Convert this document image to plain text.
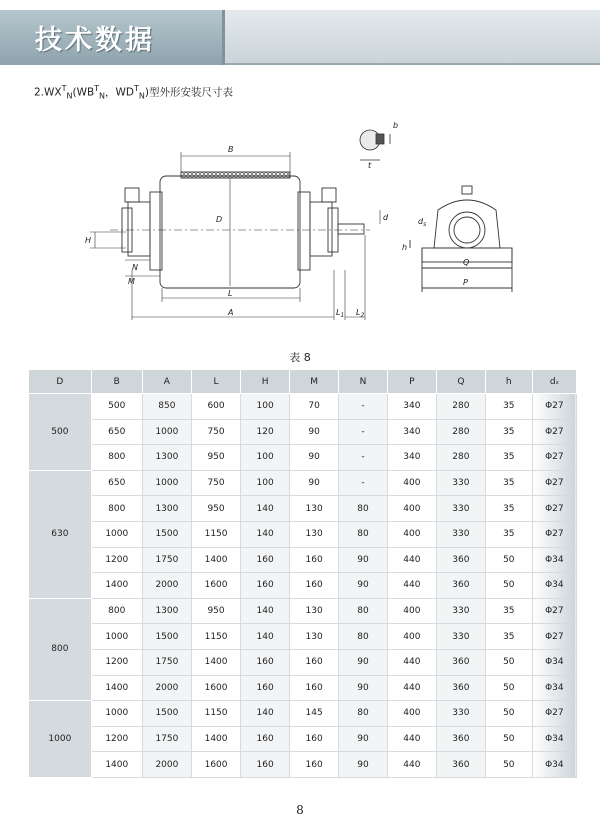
技术数据
$2.WX^T_N(WB^T_N$，$WD^T_N$)型外形安装尺寸表
B
D
H
N
M
L
A	$L_1$ $L_2$
d
b
t
$d_s$
h
Q
P
表 8
D	B	A	L	H	M	N	P	Q	h	dₛ
500	500	850	600	100	70	-	340	280	35	Φ27
	650	1000	750	120	90	-	340	280	35	Φ27
	800	1300	950	100	90	-	340	280	35	Φ27
630	650	1000	750	100	90	-	400	330	35	Φ27
	800	1300	950	140	130	80	400	330	35	Φ27
	1000	1500	1150	140	130	80	400	330	35	Φ27
	1200	1750	1400	160	160	90	440	360	50	Φ34
	1400	2000	1600	160	160	90	440	360	50	Φ34
800	800	1300	950	140	130	80	400	330	35	Φ27
	1000	1500	1150	140	130	80	400	330	35	Φ27
	1200	1750	1400	160	160	90	440	360	50	Φ34
	1400	2000	1600	160	160	90	440	360	50	Φ34
1000	1000	1500	1150	140	145	80	400	330	50	Φ27
	1200	1750	1400	160	160	90	440	360	50	Φ34
	1400	2000	1600	160	160	90	440	360	50	Φ34
8
